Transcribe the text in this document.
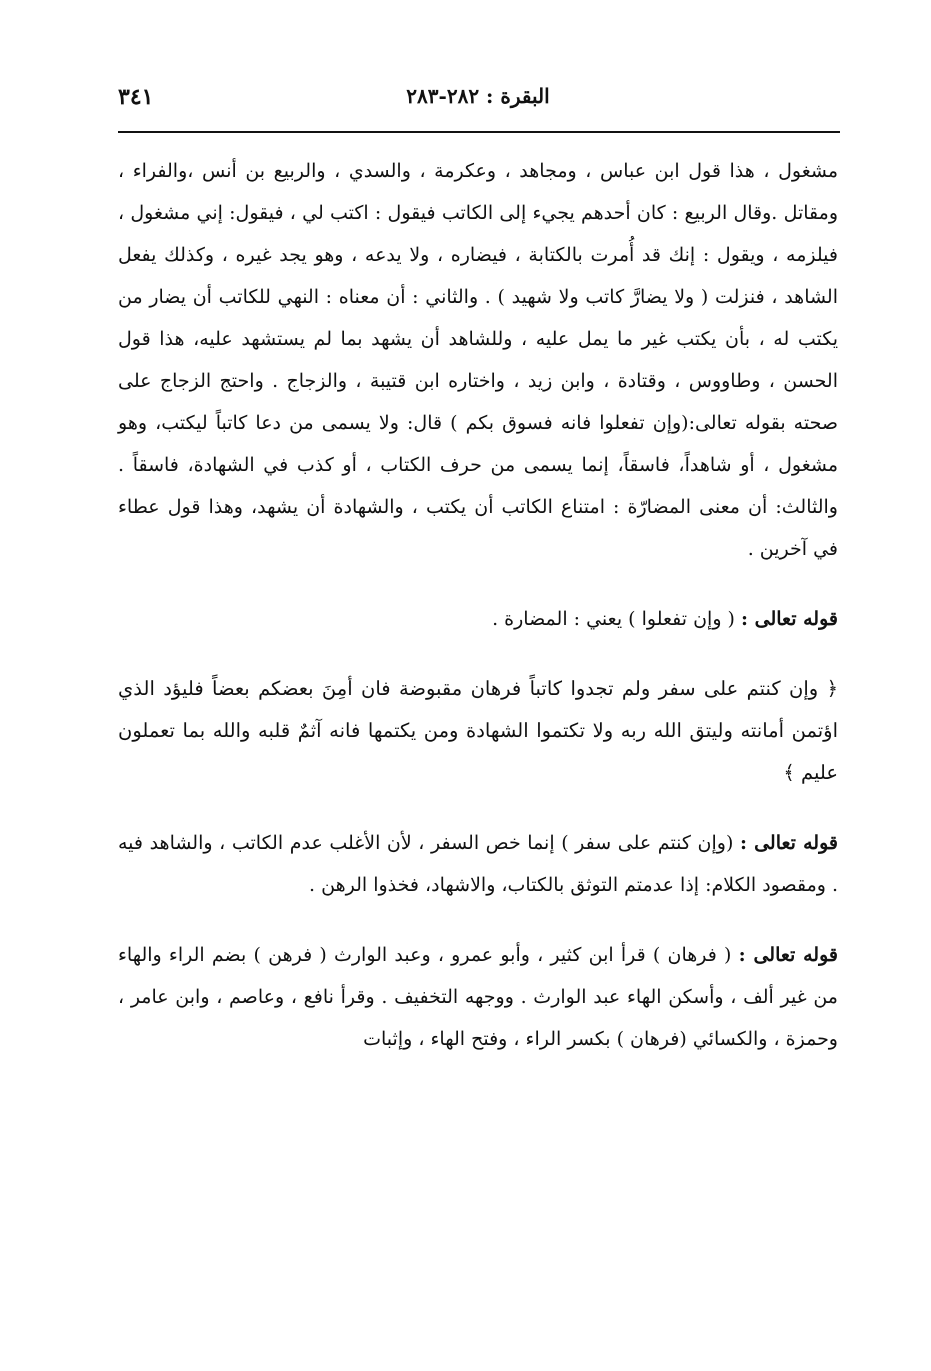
٣٤١	البقرة : ٢٨٢-٢٨٣

مشغول ، هذا قول ابن عباس ، ومجاهد ، وعكرمة ، والسدي ، والربيع بن أنس ،والفراء ، ومقاتل .وقال الربيع : كان أحدهم يجيء إلى الكاتب فيقول : اكتب لي ، فيقول: إني مشغول ، فيلزمه ، ويقول : إنك قد أُمرت بالكتابة ، فيضاره ، ولا يدعه ، وهو يجد غيره ، وكذلك يفعل الشاهد ، فنزلت ( ولا يضارَّ كاتب ولا شهيد ) . والثاني : أن معناه : النهي للكاتب أن يضار من يكتب له ، بأن يكتب غير ما يمل عليه ، وللشاهد أن يشهد بما لم يستشهد عليه، هذا قول الحسن ، وطاووس ، وقتادة ، وابن زيد ، واختاره ابن قتيبة ، والزجاج . واحتج الزجاج على صحته بقوله تعالى:(وإن تفعلوا فانه فسوق بكم ) قال: ولا يسمى من دعا كاتباً ليكتب، وهو مشغول ، أو شاهداً، فاسقاً، إنما يسمى من حرف الكتاب ، أو كذب في الشهادة، فاسقاً . والثالث: أن معنى المضارّة : امتناع الكاتب أن يكتب ، والشهادة أن يشهد، وهذا قول عطاء في آخرين .

قوله تعالى : ( وإن تفعلوا ) يعني : المضارة .

﴿ وإن كنتم على سفر ولم تجدوا كاتباً فرهان مقبوضة فان أمِنَ بعضكم بعضاً فليؤد الذي اؤتمن أمانته وليتق الله ربه ولا تكتموا الشهادة ومن يكتمها فانه آثمٌ قلبه والله بما تعملون عليم ﴾

قوله تعالى : (وإن كنتم على سفر ) إنما خص السفر ، لأن الأغلب عدم الكاتب ، والشاهد فيه . ومقصود الكلام: إذا عدمتم التوثق بالكتاب، والاشهاد، فخذوا الرهن .

قوله تعالى : ( فرهان ) قرأ ابن كثير ، وأبو عمرو ، وعبد الوارث ( فرهن ) بضم الراء والهاء من غير ألف ، وأسكن الهاء عبد الوارث . ووجهه التخفيف . وقرأ نافع ، وعاصم ، وابن عامر ، وحمزة ، والكسائي (فرهان ) بكسر الراء ، وفتح الهاء ، وإثبات
